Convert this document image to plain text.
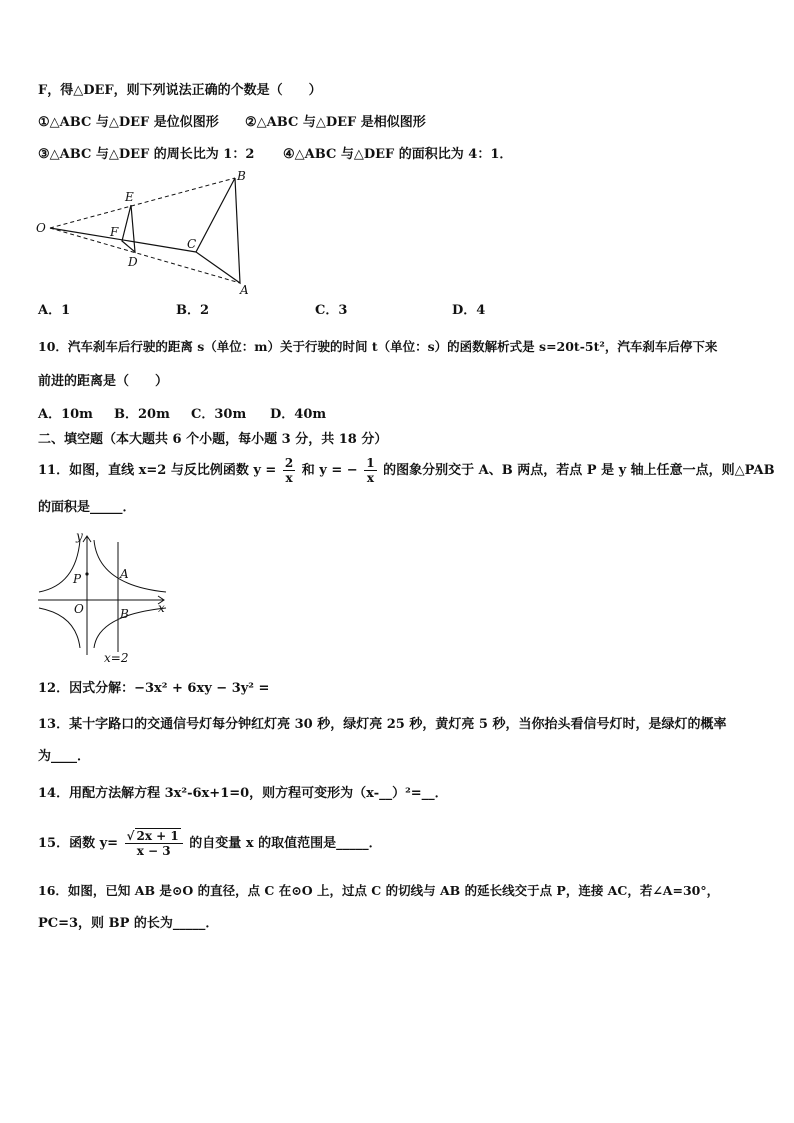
F，得△DEF，则下列说法正确的个数是（　　）
①△ABC 与△DEF 是位似图形 ②△ABC 与△DEF 是相似图形
③△ABC 与△DEF 的周长比为 1：2 ④△ABC 与△DEF 的面积比为 4：1．
O
E
F
D
C
B
A
A．1	B．2	C．3	D．4
10．汽车刹车后行驶的距离 s（单位：m）关于行驶的时间 t（单位：s）的函数解析式是 s=20t-5t²，汽车刹车后停下来
前进的距离是（　　）
A．10m B．20m C．30m D．40m
二、填空题（本大题共 6 个小题，每小题 3 分，共 18 分）
11．如图，直线 x=2 与反比例函数 $y = \frac{2}{x}$ 和 y = − $\frac{1}{x}$ 的图象分别交于 A、B 两点，若点 P 是 y 轴上任意一点，则△PAB
的面积是_____．
y
x
O
P	A
B
x=2
12．因式分解：−3x² + 6xy − 3y² =
13．某十字路口的交通信号灯每分钟红灯亮 30 秒，绿灯亮 25 秒，黄灯亮 5 秒，当你抬头看信号灯时，是绿灯的概率
为____．
14．用配方法解方程 3x²-6x+1=0，则方程可变形为（x-__）²=__．
15．函数 $y= \frac{√ 2x + 1}{x - 3}$ 的自变量 x 的取值范围是_____．
16．如图，已知 AB 是⊙O 的直径，点 C 在⊙O 上，过点 C 的切线与 AB 的延长线交于点 P，连接 AC，若∠A=30°，
PC=3，则 BP 的长为_____．
